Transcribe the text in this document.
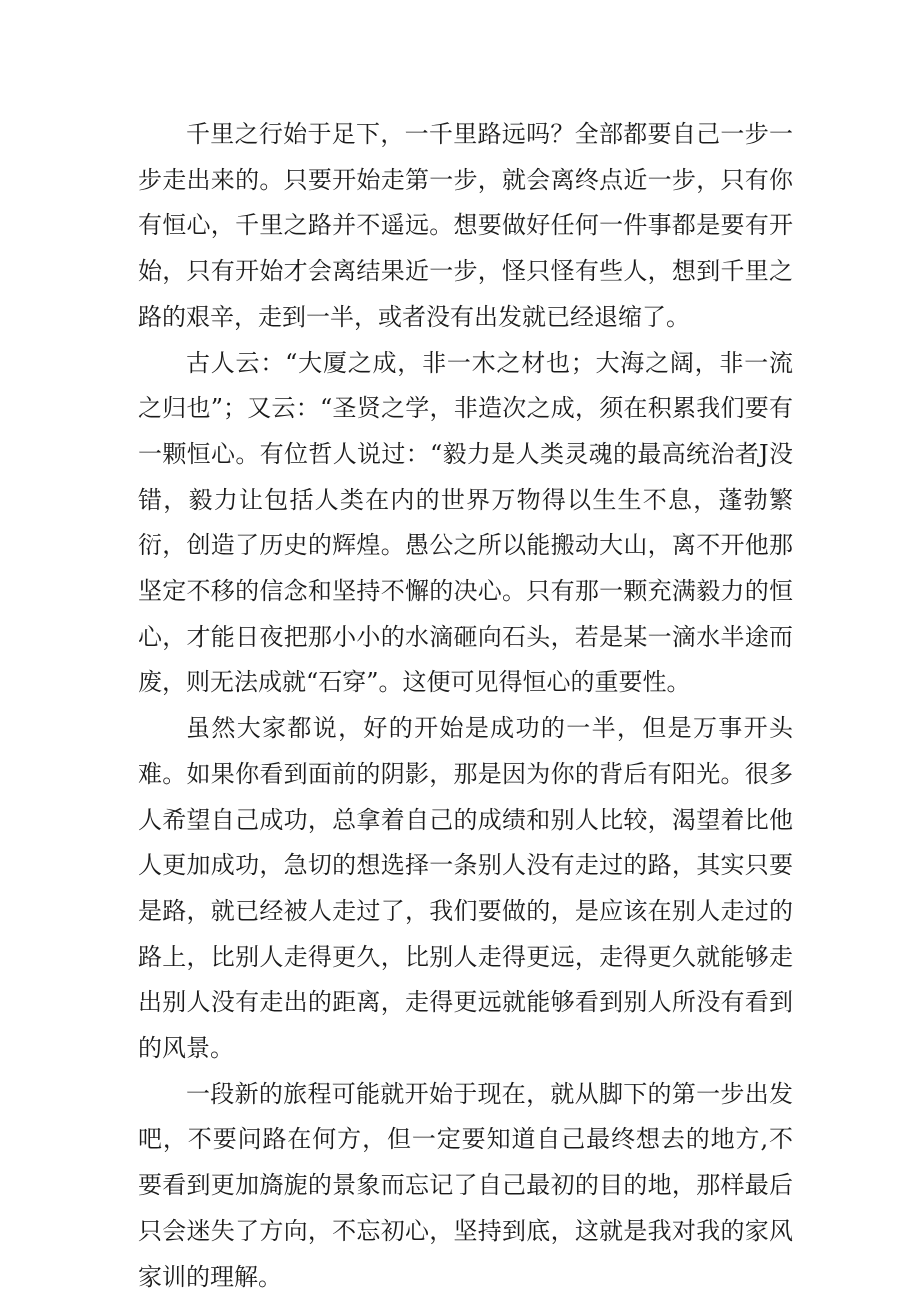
千里之行始于足下，一千里路远吗？全部都要自己一步一步走出来的。只要开始走第一步，就会离终点近一步，只有你有恒心，千里之路并不遥远。想要做好任何一件事都是要有开始，只有开始才会离结果近一步，怪只怪有些人，想到千里之路的艰辛，走到一半，或者没有出发就已经退缩了。

古人云：“大厦之成，非一木之材也；大海之阔，非一流之归也”；又云：“圣贤之学，非造次之成，须在积累我们要有一颗恒心。有位哲人说过：“毅力是人类灵魂的最高统治者J没错，毅力让包括人类在内的世界万物得以生生不息，蓬勃繁衍，创造了历史的辉煌。愚公之所以能搬动大山，离不开他那坚定不移的信念和坚持不懈的决心。只有那一颗充满毅力的恒心，才能日夜把那小小的水滴砸向石头，若是某一滴水半途而废，则无法成就“石穿”。这便可见得恒心的重要性。

虽然大家都说，好的开始是成功的一半，但是万事开头难。如果你看到面前的阴影，那是因为你的背后有阳光。很多人希望自己成功，总拿着自己的成绩和别人比较，渴望着比他人更加成功，急切的想选择一条别人没有走过的路，其实只要是路，就已经被人走过了，我们要做的，是应该在别人走过的路上，比别人走得更久，比别人走得更远，走得更久就能够走出别人没有走出的距离，走得更远就能够看到别人所没有看到的风景。

一段新的旅程可能就开始于现在，就从脚下的第一步出发吧，不要问路在何方，但一定要知道自己最终想去的地方,不要看到更加旖旎的景象而忘记了自己最初的目的地，那样最后只会迷失了方向，不忘初心，坚持到底，这就是我对我的家风家训的理解。
